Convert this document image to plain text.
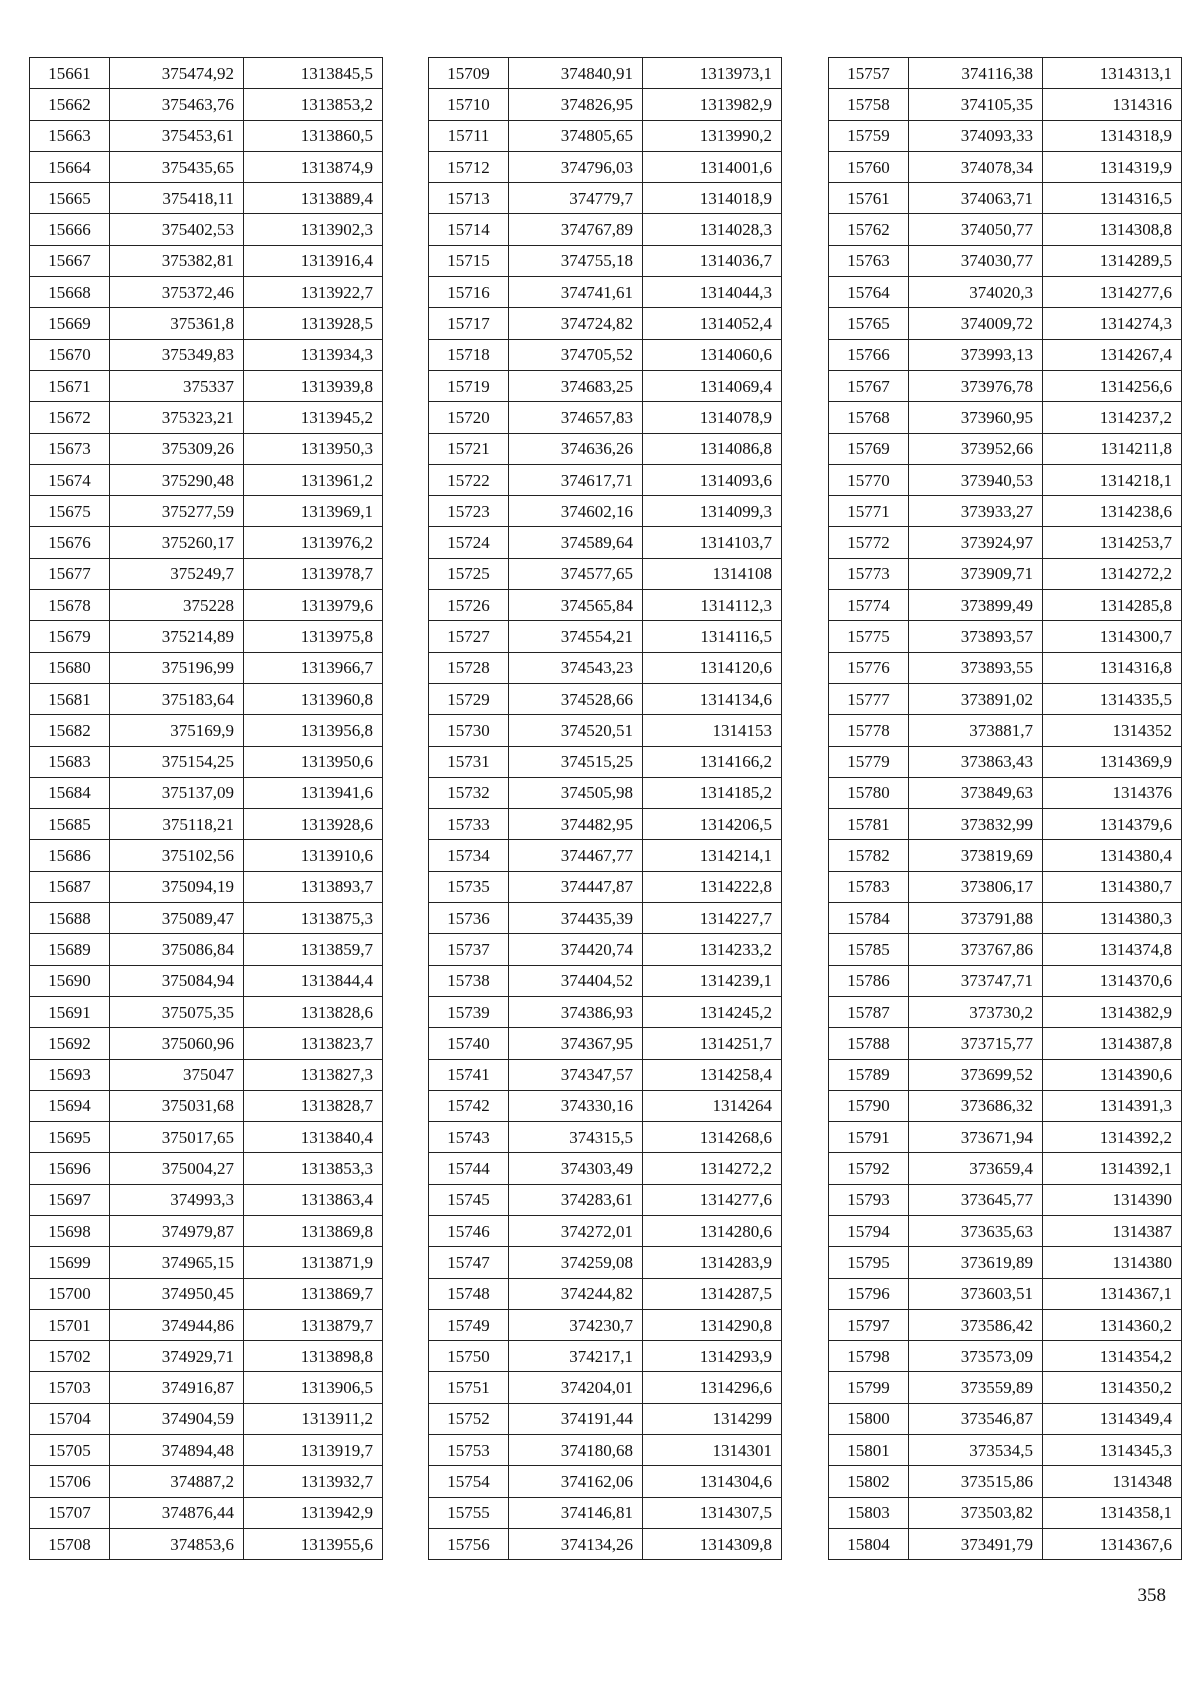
15661	375474,92	1313845,5
15662	375463,76	1313853,2
15663	375453,61	1313860,5
15664	375435,65	1313874,9
15665	375418,11	1313889,4
15666	375402,53	1313902,3
15667	375382,81	1313916,4
15668	375372,46	1313922,7
15669	375361,8	1313928,5
15670	375349,83	1313934,3
15671	375337	1313939,8
15672	375323,21	1313945,2
15673	375309,26	1313950,3
15674	375290,48	1313961,2
15675	375277,59	1313969,1
15676	375260,17	1313976,2
15677	375249,7	1313978,7
15678	375228	1313979,6
15679	375214,89	1313975,8
15680	375196,99	1313966,7
15681	375183,64	1313960,8
15682	375169,9	1313956,8
15683	375154,25	1313950,6
15684	375137,09	1313941,6
15685	375118,21	1313928,6
15686	375102,56	1313910,6
15687	375094,19	1313893,7
15688	375089,47	1313875,3
15689	375086,84	1313859,7
15690	375084,94	1313844,4
15691	375075,35	1313828,6
15692	375060,96	1313823,7
15693	375047	1313827,3
15694	375031,68	1313828,7
15695	375017,65	1313840,4
15696	375004,27	1313853,3
15697	374993,3	1313863,4
15698	374979,87	1313869,8
15699	374965,15	1313871,9
15700	374950,45	1313869,7
15701	374944,86	1313879,7
15702	374929,71	1313898,8
15703	374916,87	1313906,5
15704	374904,59	1313911,2
15705	374894,48	1313919,7
15706	374887,2	1313932,7
15707	374876,44	1313942,9
15708	374853,6	1313955,6
15709	374840,91	1313973,1
15710	374826,95	1313982,9
15711	374805,65	1313990,2
15712	374796,03	1314001,6
15713	374779,7	1314018,9
15714	374767,89	1314028,3
15715	374755,18	1314036,7
15716	374741,61	1314044,3
15717	374724,82	1314052,4
15718	374705,52	1314060,6
15719	374683,25	1314069,4
15720	374657,83	1314078,9
15721	374636,26	1314086,8
15722	374617,71	1314093,6
15723	374602,16	1314099,3
15724	374589,64	1314103,7
15725	374577,65	1314108
15726	374565,84	1314112,3
15727	374554,21	1314116,5
15728	374543,23	1314120,6
15729	374528,66	1314134,6
15730	374520,51	1314153
15731	374515,25	1314166,2
15732	374505,98	1314185,2
15733	374482,95	1314206,5
15734	374467,77	1314214,1
15735	374447,87	1314222,8
15736	374435,39	1314227,7
15737	374420,74	1314233,2
15738	374404,52	1314239,1
15739	374386,93	1314245,2
15740	374367,95	1314251,7
15741	374347,57	1314258,4
15742	374330,16	1314264
15743	374315,5	1314268,6
15744	374303,49	1314272,2
15745	374283,61	1314277,6
15746	374272,01	1314280,6
15747	374259,08	1314283,9
15748	374244,82	1314287,5
15749	374230,7	1314290,8
15750	374217,1	1314293,9
15751	374204,01	1314296,6
15752	374191,44	1314299
15753	374180,68	1314301
15754	374162,06	1314304,6
15755	374146,81	1314307,5
15756	374134,26	1314309,8
15757	374116,38	1314313,1
15758	374105,35	1314316
15759	374093,33	1314318,9
15760	374078,34	1314319,9
15761	374063,71	1314316,5
15762	374050,77	1314308,8
15763	374030,77	1314289,5
15764	374020,3	1314277,6
15765	374009,72	1314274,3
15766	373993,13	1314267,4
15767	373976,78	1314256,6
15768	373960,95	1314237,2
15769	373952,66	1314211,8
15770	373940,53	1314218,1
15771	373933,27	1314238,6
15772	373924,97	1314253,7
15773	373909,71	1314272,2
15774	373899,49	1314285,8
15775	373893,57	1314300,7
15776	373893,55	1314316,8
15777	373891,02	1314335,5
15778	373881,7	1314352
15779	373863,43	1314369,9
15780	373849,63	1314376
15781	373832,99	1314379,6
15782	373819,69	1314380,4
15783	373806,17	1314380,7
15784	373791,88	1314380,3
15785	373767,86	1314374,8
15786	373747,71	1314370,6
15787	373730,2	1314382,9
15788	373715,77	1314387,8
15789	373699,52	1314390,6
15790	373686,32	1314391,3
15791	373671,94	1314392,2
15792	373659,4	1314392,1
15793	373645,77	1314390
15794	373635,63	1314387
15795	373619,89	1314380
15796	373603,51	1314367,1
15797	373586,42	1314360,2
15798	373573,09	1314354,2
15799	373559,89	1314350,2
15800	373546,87	1314349,4
15801	373534,5	1314345,3
15802	373515,86	1314348
15803	373503,82	1314358,1
15804	373491,79	1314367,6
358
